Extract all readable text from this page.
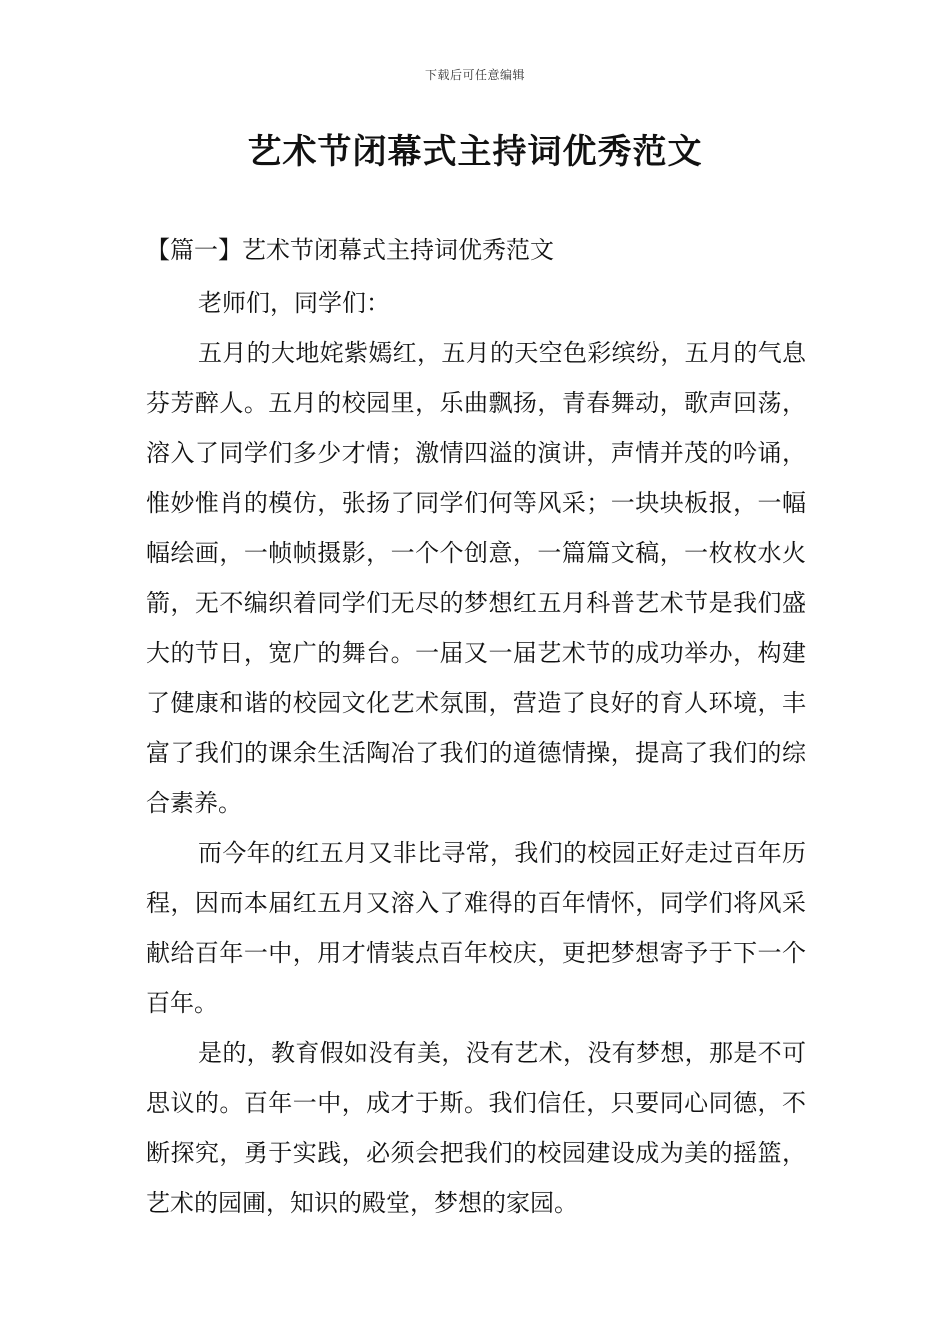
下载后可任意编辑
艺术节闭幕式主持词优秀范文
【篇一】艺术节闭幕式主持词优秀范文

老师们，同学们：

五月的大地姹紫嫣红，五月的天空色彩缤纷，五月的气息芬芳醉人。五月的校园里，乐曲飘扬，青春舞动，歌声回荡，溶入了同学们多少才情；激情四溢的演讲，声情并茂的吟诵，惟妙惟肖的模仿，张扬了同学们何等风采；一块块板报，一幅幅绘画，一帧帧摄影，一个个创意，一篇篇文稿，一枚枚水火箭，无不编织着同学们无尽的梦想红五月科普艺术节是我们盛大的节日，宽广的舞台。一届又一届艺术节的成功举办，构建了健康和谐的校园文化艺术氛围，营造了良好的育人环境，丰富了我们的课余生活陶冶了我们的道德情操，提高了我们的综合素养。

而今年的红五月又非比寻常，我们的校园正好走过百年历程，因而本届红五月又溶入了难得的百年情怀，同学们将风采献给百年一中，用才情装点百年校庆，更把梦想寄予于下一个百年。

是的，教育假如没有美，没有艺术，没有梦想，那是不可思议的。百年一中，成才于斯。我们信任，只要同心同德，不断探究，勇于实践，必须会把我们的校园建设成为美的摇篮，艺术的园圃，知识的殿堂，梦想的家园。
